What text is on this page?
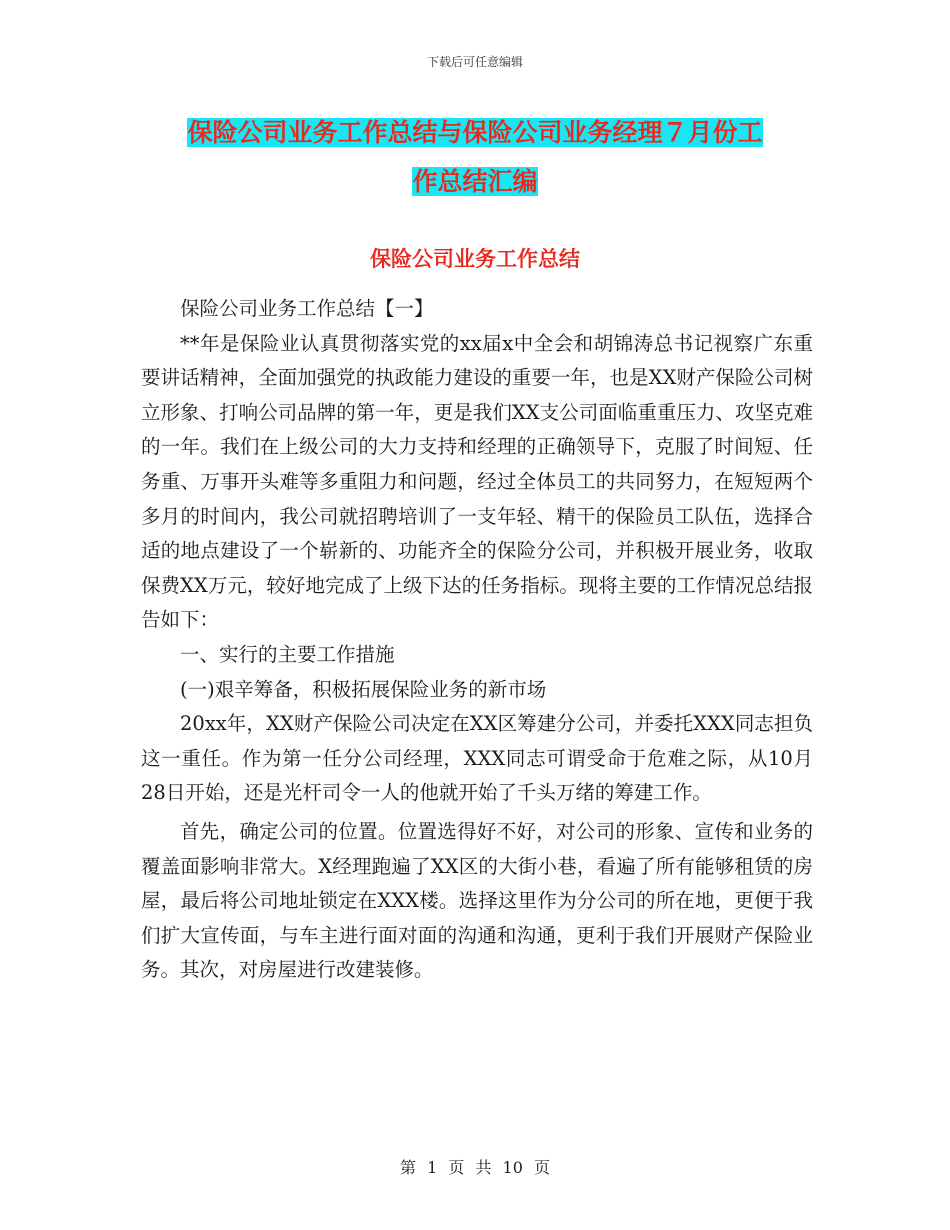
下载后可任意编辑
保险公司业务工作总结与保险公司业务经理７月份工
作总结汇编
保险公司业务工作总结

保险公司业务工作总结【一】

**年是保险业认真贯彻落实党的xx届x中全会和胡锦涛总书记视察广东重要讲话精神，全面加强党的执政能力建设的重要一年，也是XX财产保险公司树立形象、打响公司品牌的第一年，更是我们XX支公司面临重重压力、攻坚克难的一年。我们在上级公司的大力支持和经理的正确领导下，克服了时间短、任务重、万事开头难等多重阻力和问题，经过全体员工的共同努力，在短短两个多月的时间内，我公司就招聘培训了一支年轻、精干的保险员工队伍，选择合适的地点建设了一个崭新的、功能齐全的保险分公司，并积极开展业务，收取保费XX万元，较好地完成了上级下达的任务指标。现将主要的工作情况总结报告如下：

一、实行的主要工作措施

(一)艰辛筹备，积极拓展保险业务的新市场

20xx年，XX财产保险公司决定在XX区筹建分公司，并委托XXX同志担负这一重任。作为第一任分公司经理，XXX同志可谓受命于危难之际，从10月28日开始，还是光杆司令一人的他就开始了千头万绪的筹建工作。

首先，确定公司的位置。位置选得好不好，对公司的形象、宣传和业务的覆盖面影响非常大。X经理跑遍了XX区的大街小巷，看遍了所有能够租赁的房屋，最后将公司地址锁定在XXX楼。选择这里作为分公司的所在地，更便于我们扩大宣传面，与车主进行面对面的沟通和沟通，更利于我们开展财产保险业务。其次，对房屋进行改建装修。

第 1 页 共 10 页
